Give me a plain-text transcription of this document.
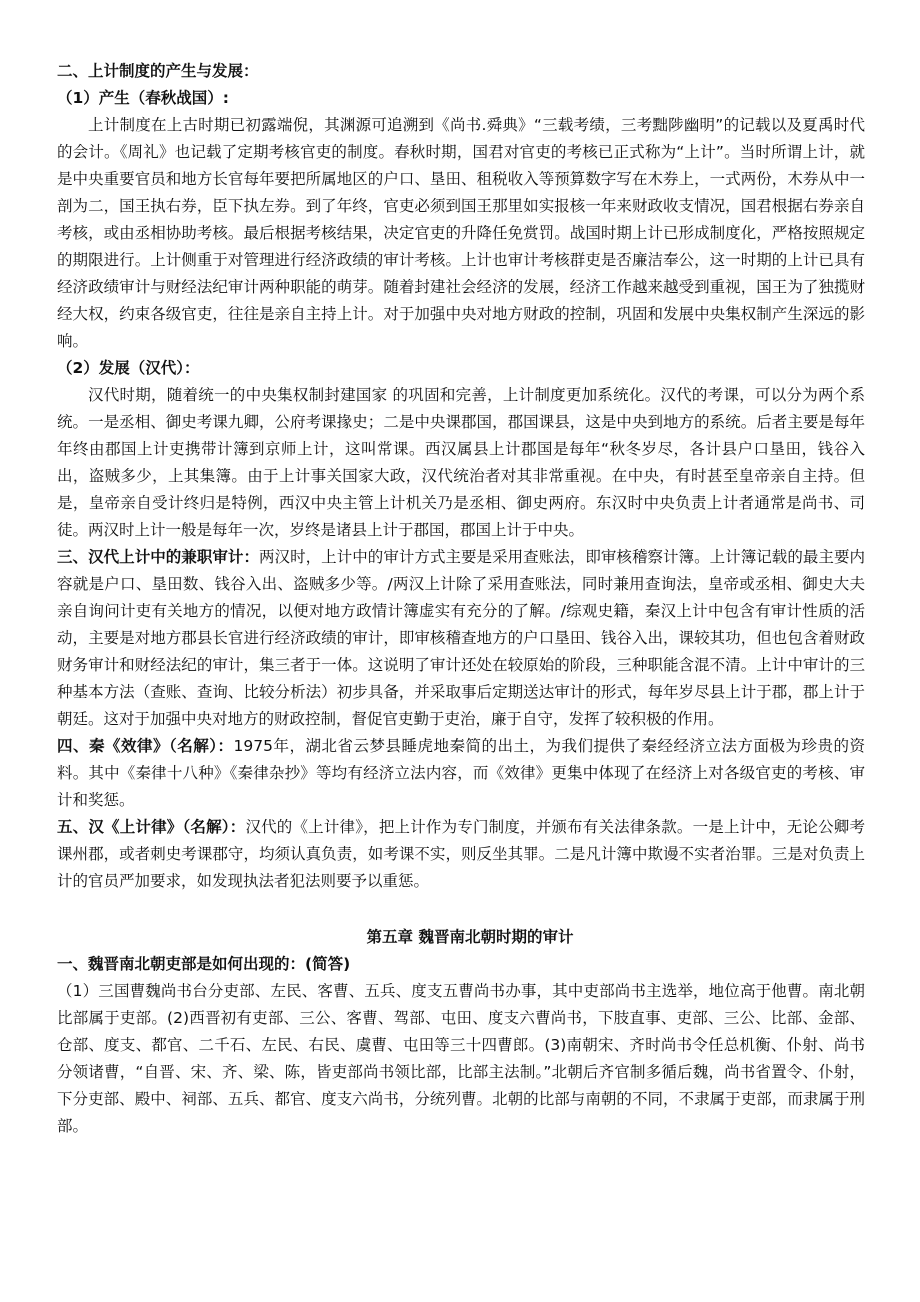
二、上计制度的产生与发展：

（1）产生（春秋战国）:

上计制度在上古时期已初露端倪，其渊源可追溯到《尚书.舜典》“三载考绩，三考黜陟幽明”的记载以及夏禹时代的会计。《周礼》也记载了定期考核官吏的制度。春秋时期，国君对官吏的考核已正式称为“上计”。当时所谓上计，就是中央重要官员和地方长官每年要把所属地区的户口、垦田、租税收入等预算数字写在木券上，一式两份，木券从中一剖为二，国王执右券，臣下执左券。到了年终，官吏必须到国王那里如实报核一年来财政收支情况，国君根据右券亲自考核，或由丞相协助考核。最后根据考核结果，决定官吏的升降任免赏罚。战国时期上计已形成制度化，严格按照规定的期限进行。上计侧重于对管理进行经济政绩的审计考核。上计也审计考核群吏是否廉洁奉公，这一时期的上计已具有经济政绩审计与财经法纪审计两种职能的萌芽。随着封建社会经济的发展，经济工作越来越受到重视，国王为了独揽财经大权，约束各级官吏，往往是亲自主持上计。对于加强中央对地方财政的控制，巩固和发展中央集权制产生深远的影响。

（2）发展（汉代）：

汉代时期，随着统一的中央集权制封建国家 的巩固和完善，上计制度更加系统化。汉代的考课，可以分为两个系统。一是丞相、御史考课九卿，公府考课掾史；二是中央课郡国，郡国课县，这是中央到地方的系统。后者主要是每年年终由郡国上计吏携带计簿到京师上计，这叫常课。西汉属县上计郡国是每年“秋冬岁尽，各计县户口垦田，钱谷入出，盗贼多少，上其集簿。由于上计事关国家大政，汉代统治者对其非常重视。在中央，有时甚至皇帝亲自主持。但是，皇帝亲自受计终归是特例，西汉中央主管上计机关乃是丞相、御史两府。东汉时中央负责上计者通常是尚书、司徒。两汉时上计一般是每年一次，岁终是诸县上计于郡国，郡国上计于中央。

三、汉代上计中的兼职审计：两汉时，上计中的审计方式主要是采用查账法，即审核稽察计簿。上计簿记载的最主要内容就是户口、垦田数、钱谷入出、盗贼多少等。/两汉上计除了采用查账法，同时兼用查询法，皇帝或丞相、御史大夫亲自询问计吏有关地方的情况，以便对地方政情计簿虚实有充分的了解。/综观史籍，秦汉上计中包含有审计性质的活动，主要是对地方郡县长官进行经济政绩的审计，即审核稽查地方的户口垦田、钱谷入出，课较其功，但也包含着财政 财务审计和财经法纪的审计，集三者于一体。这说明了审计还处在较原始的阶段，三种职能含混不清。上计中审计的三种基本方法（查账、查询、比较分析法）初步具备，并采取事后定期送达审计的形式，每年岁尽县上计于郡，郡上计于朝廷。这对于加强中央对地方的财政控制，督促官吏勤于吏治，廉于自守，发挥了较积极的作用。

四、秦《效律》（名解）：1975年，湖北省云梦县睡虎地秦简的出土，为我们提供了秦经经济立法方面极为珍贵的资料。其中《秦律十八种》《秦律杂抄》等均有经济立法内容，而《效律》更集中体现了在经济上对各级官吏的考核、审计和奖惩。

五、汉《上计律》（名解）：汉代的《上计律》，把上计作为专门制度，并颁布有关法律条款。一是上计中，无论公卿考课州郡，或者刺史考课郡守，均须认真负责，如考课不实，则反坐其罪。二是凡计簿中欺谩不实者治罪。三是对负责上计的官员严加要求，如发现执法者犯法则要予以重惩。

第五章 魏晋南北朝时期的审计

一、魏晋南北朝吏部是如何出现的：(简答)

（1）三国曹魏尚书台分吏部、左民、客曹、五兵、度支五曹尚书办事，其中吏部尚书主选举，地位高于他曹。南北朝比部属于吏部。(2)西晋初有吏部、三公、客曹、驾部、屯田、度支六曹尚书，下肢直事、吏部、三公、比部、金部、仓部、度支、都官、二千石、左民、右民、虞曹、屯田等三十四曹郎。(3)南朝宋、齐时尚书令任总机衡、仆射、尚书分领诸曹，“自晋、宋、齐、梁、陈，皆吏部尚书领比部，比部主法制。”北朝后齐官制多循后魏，尚书省置令、仆射，下分吏部、殿中、祠部、五兵、都官、度支六尚书，分统列曹。北朝的比部与南朝的不同，不隶属于吏部，而隶属于刑部。
